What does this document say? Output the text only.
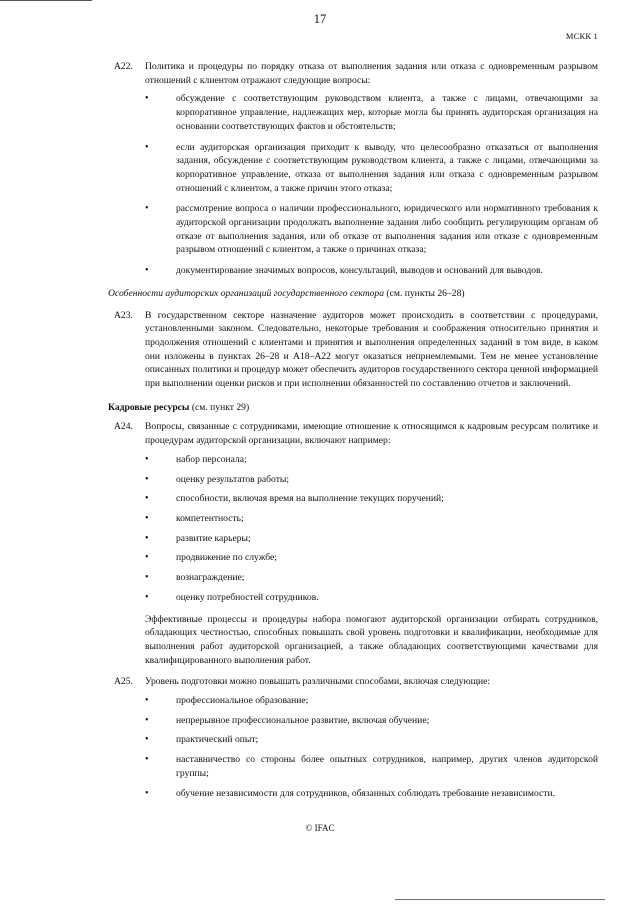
17
МСКК 1
A22.	Политика и процедуры по порядку отказа от выполнения задания или отказа с одновременным разрывом отношений с клиентом отражают следующие вопросы:
•	обсуждение с соответствующим руководством клиента, а также с лицами, отвечающими за корпоративное управление, надлежащих мер, которые могла бы принять аудиторская организация на основании соответствующих фактов и обстоятельств;
•	если аудиторская организация приходит к выводу, что целесообразно отказаться от выполнения задания, обсуждение с соответствующим руководством клиента, а также с лицами, отвечающими за корпоративное управление, отказа от выполнения задания или отказа с одновременным разрывом отношений с клиентом, а также причин этого отказа;
•	рассмотрение вопроса о наличии профессионального, юридического или нормативного требования к аудиторской организации продолжать выполнение задания либо сообщить регулирующим органам об отказе от выполнения задания, или об отказе от выполнения задания или отказе с одновременным разрывом отношений с клиентом, а также о причинах отказа;
•	документирование значимых вопросов, консультаций, выводов и оснований для выводов.
Особенности аудиторских организаций государственного сектора (см. пункты 26–28)
A23.	В государственном секторе назначение аудиторов может происходить в соответствии с процедурами, установленными законом. Следовательно, некоторые требования и соображения относительно принятия и продолжения отношений с клиентами и принятия и выполнения определенных заданий в том виде, в каком они изложены в пунктах 26–28 и A18–A22 могут оказаться неприемлемыми. Тем не менее установление описанных политики и процедур может обеспечить аудиторов государственного сектора ценной информацией при выполнении оценки рисков и при исполнении обязанностей по составлению отчетов и заключений.
Кадровые ресурсы (см. пункт 29)
A24.	Вопросы, связанные с сотрудниками, имеющие отношение к относящимся к кадровым ресурсам политике и процедурам аудиторской организации, включают например:
•	набор персонала;
•	оценку результатов работы;
•	способности, включая время на выполнение текущих поручений;
•	компетентность;
•	развитие карьеры;
•	продвижение по службе;
•	вознаграждение;
•	оценку потребностей сотрудников.
Эффективные процессы и процедуры набора помогают аудиторской организации отбирать сотрудников, обладающих честностью, способных повышать свой уровень подготовки и квалификации, необходимые для выполнения работ аудиторской организацией, а также обладающих соответствующими качествами для квалифицированного выполнения работ.
A25.	Уровень подготовки можно повышать различными способами, включая следующие:
•	профессиональное образование;
•	непрерывное профессиональное развитие, включая обучение;
•	практический опыт;
•	наставничество со стороны более опытных сотрудников, например, других членов аудиторской группы;
•	обучение независимости для сотрудников, обязанных соблюдать требование независимости.
© IFAC
